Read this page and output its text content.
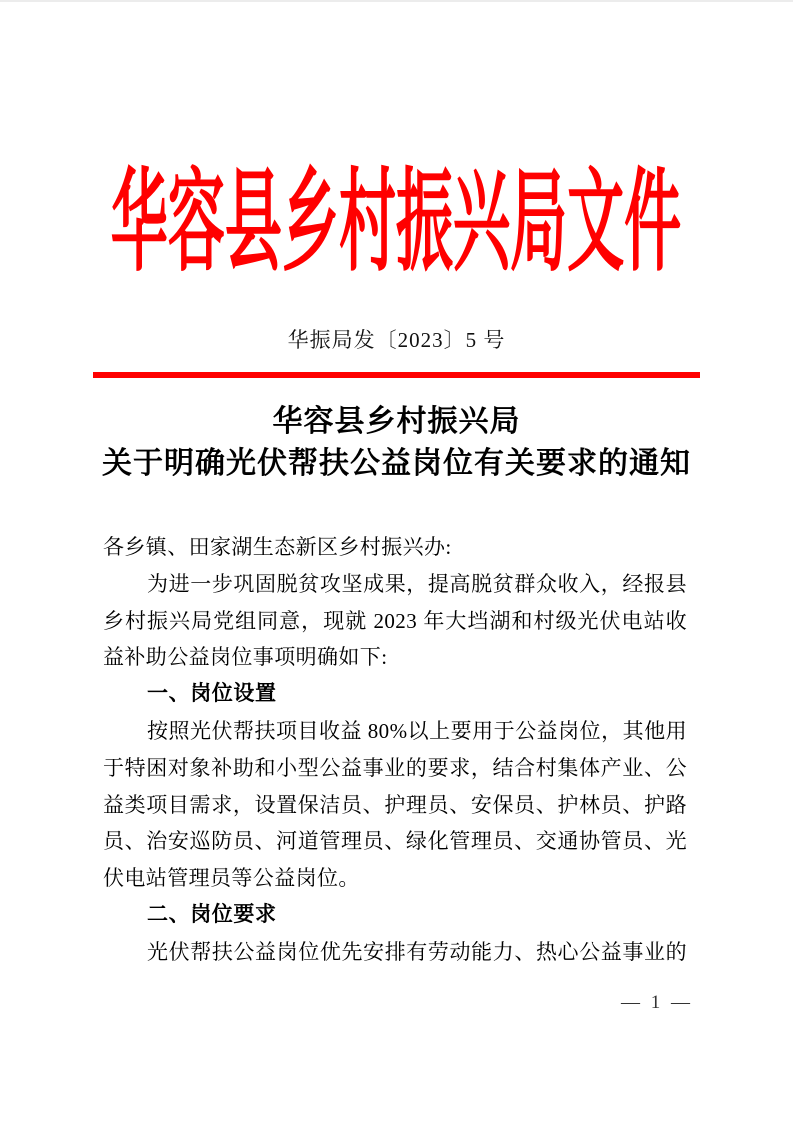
华容县乡村振兴局文件
华振局发〔2023〕5 号
华容县乡村振兴局
关于明确光伏帮扶公益岗位有关要求的通知

各乡镇、田家湖生态新区乡村振兴办:

为进一步巩固脱贫攻坚成果，提高脱贫群众收入，经报县乡村振兴局党组同意，现就 2023 年大垱湖和村级光伏电站收益补助公益岗位事项明确如下:

一、岗位设置

按照光伏帮扶项目收益 80%以上要用于公益岗位，其他用于特困对象补助和小型公益事业的要求，结合村集体产业、公益类项目需求，设置保洁员、护理员、安保员、护林员、护路员、治安巡防员、河道管理员、绿化管理员、交通协管员、光伏电站管理员等公益岗位。

二、岗位要求

光伏帮扶公益岗位优先安排有劳动能力、热心公益事业的

— 1 —
